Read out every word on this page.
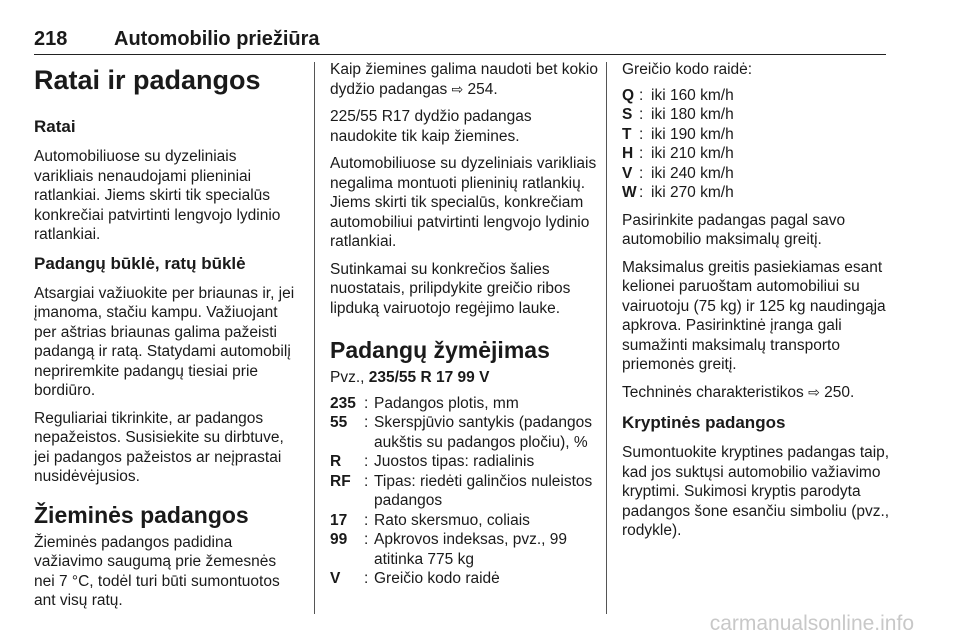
218 Automobilio priežiūra
Ratai ir padangos
Ratai

Automobiliuose su dyzeliniais varikliais nenaudojami plieniniai ratlankiai. Jiems skirti tik specialūs konkrečiai patvirtinti lengvojo lydinio ratlankiai.

Padangų būklė, ratų būklė

Atsargiai važiuokite per briaunas ir, jei įmanoma, stačiu kampu. Važiuojant per aštrias briaunas galima pažeisti padangą ir ratą. Statydami automobilį nepriremkite padangų tiesiai prie bordiūro.

Reguliariai tikrinkite, ar padangos nepažeistos. Susisiekite su dirbtuve, jei padangos pažeistos ar neįprastai nusidėvėjusios.

Žieminės padangos

Žieminės padangos padidina važiavimo saugumą prie žemesnės nei 7 °C, todėl turi būti sumontuotos ant visų ratų.

Kaip žiemines galima naudoti bet kokio dydžio padangas ⇨ 254.

225/55 R17 dydžio padangas naudokite tik kaip žiemines.

Automobiliuose su dyzeliniais varikliais negalima montuoti plieninių ratlankių. Jiems skirti tik specialūs, konkrečiam automobiliui patvirtinti lengvojo lydinio ratlankiai.

Sutinkamai su konkrečios šalies nuostatais, prilipdykite greičio ribos lipduką vairuotojo regėjimo lauke.

Padangų žymėjimas

Pvz., 235/55 R 17 99 V

235 : Padangos plotis, mm
55	: Skerspjūvio santykis (padangos aukštis su padangos pločiu), %
R	: Juostos tipas: radialinis
RF : Tipas: riedėti galinčios nuleistos padangos
17	: Rato skersmuo, coliais
99	: Apkrovos indeksas, pvz., 99 atitinka 775 kg
V	: Greičio kodo raidė

Greičio kodo raidė:

Q : iki 160 km/h
S : iki 180 km/h
T : iki 190 km/h
H : iki 210 km/h
V : iki 240 km/h
W : iki 270 km/h

Pasirinkite padangas pagal savo automobilio maksimalų greitį.

Maksimalus greitis pasiekiamas esant kelionei paruoštam automobiliui su vairuotoju (75 kg) ir 125 kg naudingąja apkrova. Pasirinktinė įranga gali sumažinti maksimalų transporto priemonės greitį.

Techninės charakteristikos ⇨ 250.

Kryptinės padangos

Sumontuokite kryptines padangas taip, kad jos suktųsi automobilio važiavimo kryptimi. Sukimosi kryptis parodyta padangos šone esančiu simboliu (pvz., rodykle).

carmanualsonline.info
